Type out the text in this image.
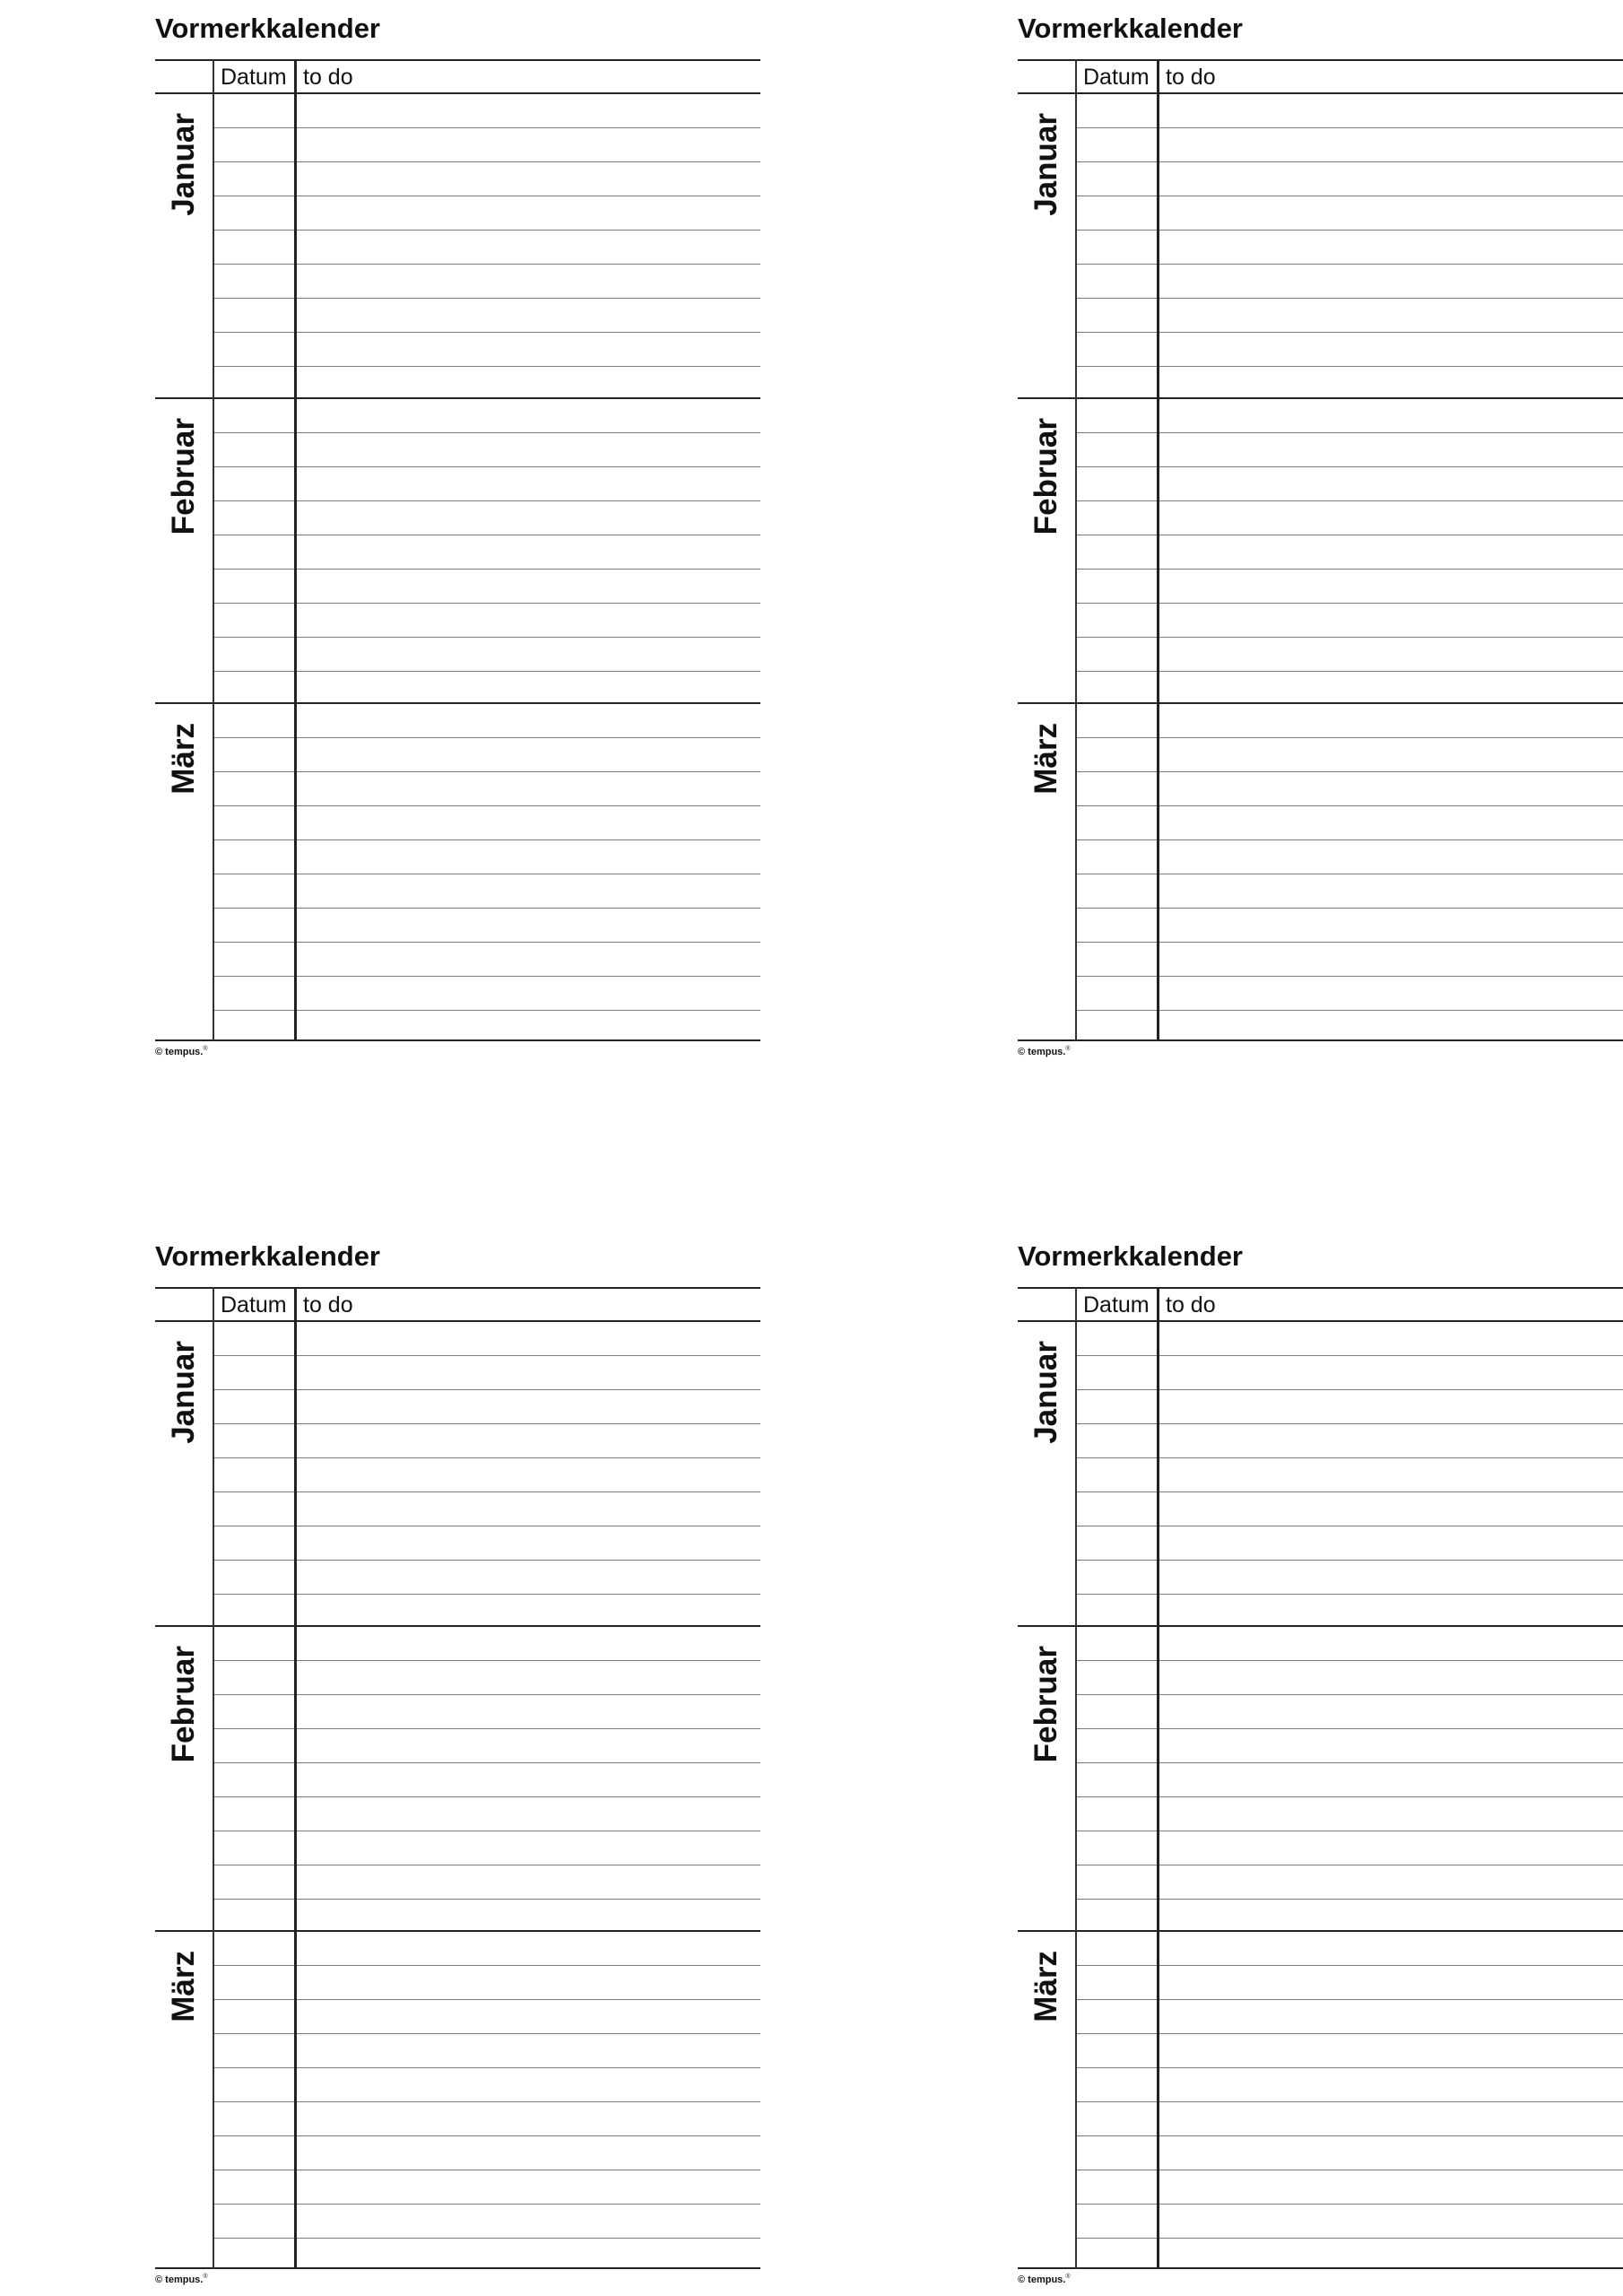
Vormerkkalender
Datum to do
Januar
Februar
März
© tempus.®
Vormerkkalender
Datum to do
Januar
Februar
März
© tempus.®
Vormerkkalender
Datum to do
Januar
Februar
März
© tempus.®
Vormerkkalender
Datum to do
Januar
Februar
März
© tempus.®
